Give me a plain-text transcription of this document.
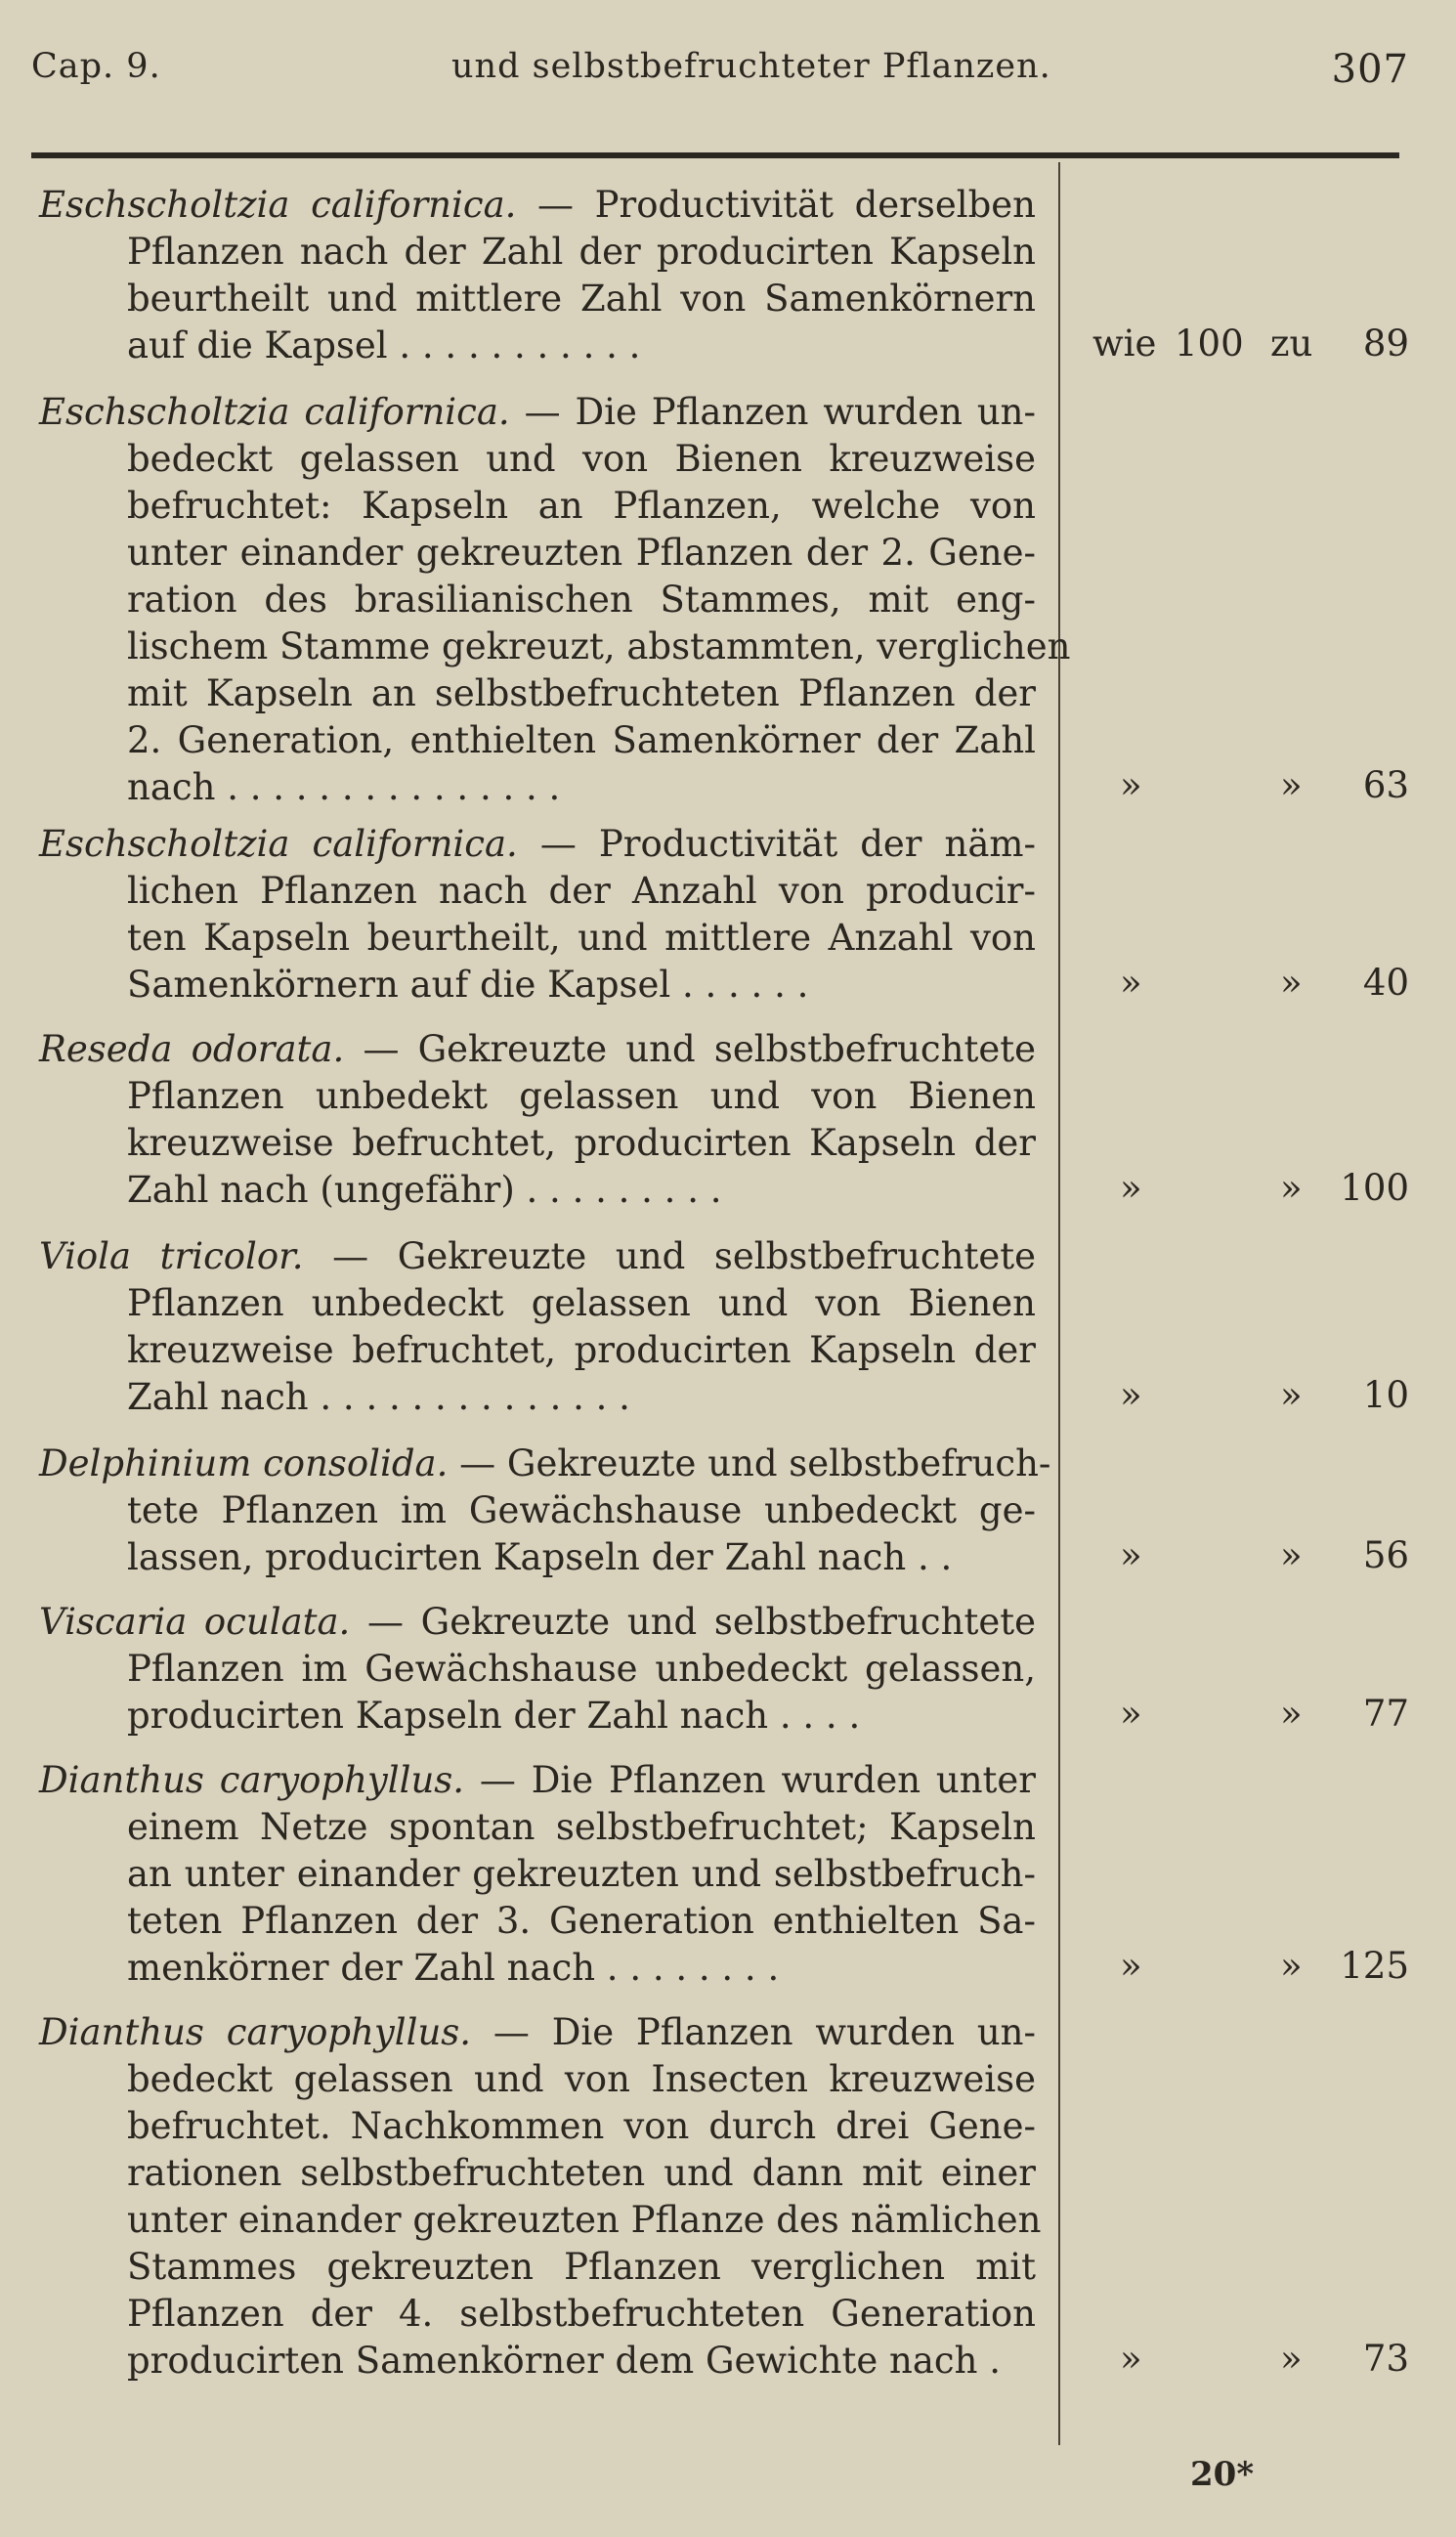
Cap. 9.	und selbstbefruchteter Pflanzen.	307
Eschscholtzia californica. — Productivität derselben
Pflanzen nach der Zahl der producirten Kapseln
beurtheilt und mittlere Zahl von Samenkörnern
auf die Kapsel . . . . . . . . . . .	wie 100 zu 89
Eschscholtzia californica. — Die Pflanzen wurden un-
bedeckt gelassen und von Bienen kreuzweise
befruchtet: Kapseln an Pflanzen, welche von
unter einander gekreuzten Pflanzen der 2. Gene-
ration des brasilianischen Stammes, mit eng-
lischem Stamme gekreuzt, abstammten, verglichen
mit Kapseln an selbstbefruchteten Pflanzen der
2. Generation, enthielten Samenkörner der Zahl
nach . . . . . . . . . . . . . . .	»	» 63
Eschscholtzia californica. — Productivität der näm-
lichen Pflanzen nach der Anzahl von producir-
ten Kapseln beurtheilt, und mittlere Anzahl von
Samenkörnern auf die Kapsel . . . . . .	»	» 40
Reseda odorata. — Gekreuzte und selbstbefruchtete
Pflanzen unbedekt gelassen und von Bienen
kreuzweise befruchtet, producirten Kapseln der
Zahl nach (ungefähr) . . . . . . . . .	»	» 100
Viola tricolor. — Gekreuzte und selbstbefruchtete
Pflanzen unbedeckt gelassen und von Bienen
kreuzweise befruchtet, producirten Kapseln der
Zahl nach . . . . . . . . . . . . . .	»	» 10
Delphinium consolida. — Gekreuzte und selbstbefruch-
tete Pflanzen im Gewächshause unbedeckt ge-
lassen, producirten Kapseln der Zahl nach . .	»	» 56
Viscaria oculata. — Gekreuzte und selbstbefruchtete
Pflanzen im Gewächshause unbedeckt gelassen,
producirten Kapseln der Zahl nach . . . .	»	» 77
Dianthus caryophyllus. — Die Pflanzen wurden unter
einem Netze spontan selbstbefruchtet; Kapseln
an unter einander gekreuzten und selbstbefruch-
teten Pflanzen der 3. Generation enthielten Sa-
menkörner der Zahl nach . . . . . . . .	»	» 125
Dianthus caryophyllus. — Die Pflanzen wurden un-
bedeckt gelassen und von Insecten kreuzweise
befruchtet. Nachkommen von durch drei Gene-
rationen selbstbefruchteten und dann mit einer
unter einander gekreuzten Pflanze des nämlichen
Stammes gekreuzten Pflanzen verglichen mit
Pflanzen der 4. selbstbefruchteten Generation
producirten Samenkörner dem Gewichte nach .	»	» 73
20*
